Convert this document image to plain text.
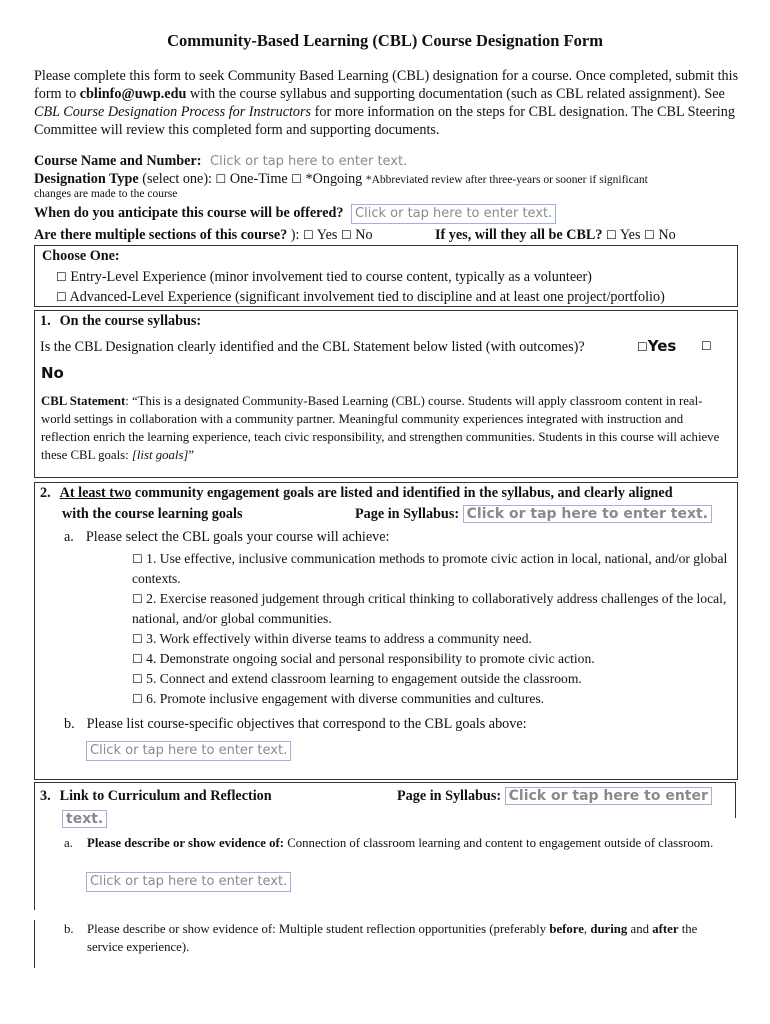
Community-Based Learning (CBL) Course Designation Form
Please complete this form to seek Community Based Learning (CBL) designation for a course. Once completed, submit this form to cblinfo@uwp.edu with the course syllabus and supporting documentation (such as CBL related assignment). See CBL Course Designation Process for Instructors for more information on the steps for CBL designation. The CBL Steering Committee will review this completed form and supporting documents.
Course Name and Number: Click or tap here to enter text.
Designation Type (select one): ☐ One-Time ☐ *Ongoing *Abbreviated review after three-years or sooner if significant
changes are made to the course
When do you anticipate this course will be offered? Click or tap here to enter text.
Are there multiple sections of this course? ): ☐ Yes ☐ No	If yes, will they all be CBL? ☐ Yes ☐ No
Choose One:
☐ Entry-Level Experience (minor involvement tied to course content, typically as a volunteer)
☐ Advanced-Level Experience (significant involvement tied to discipline and at least one project/portfolio)
1. On the course syllabus:
Is the CBL Designation clearly identified and the CBL Statement below listed (with outcomes)?	☐Yes ☐
No
CBL Statement: “This is a designated Community-Based Learning (CBL) course. Students will apply classroom content in real-world settings in collaboration with a community partner. Meaningful community experiences integrated with instruction and reflection enrich the learning experience, teach civic responsibility, and strengthen communities. Students in this course will achieve these CBL goals: [list goals]”
2. At least two community engagement goals are listed and identified in the syllabus, and clearly aligned
with the course learning goals	Page in Syllabus: Click or tap here to enter text.
a. Please select the CBL goals your course will achieve:
☐ 1. Use effective, inclusive communication methods to promote civic action in local, national, and/or global contexts.
☐ 2. Exercise reasoned judgement through critical thinking to collaboratively address challenges of the local, national, and/or global communities.
☐ 3. Work effectively within diverse teams to address a community need.
☐ 4. Demonstrate ongoing social and personal responsibility to promote civic action.
☐ 5. Connect and extend classroom learning to engagement outside the classroom.
☐ 6. Promote inclusive engagement with diverse communities and cultures.
b. Please list course-specific objectives that correspond to the CBL goals above:
Click or tap here to enter text.
3. Link to Curriculum and Reflection	Page in Syllabus: Click or tap here to enter
text.
a. Please describe or show evidence of: Connection of classroom learning and content to engagement outside of classroom.
Click or tap here to enter text.
b. Please describe or show evidence of: Multiple student reflection opportunities (preferably before, during and after the service experience).
